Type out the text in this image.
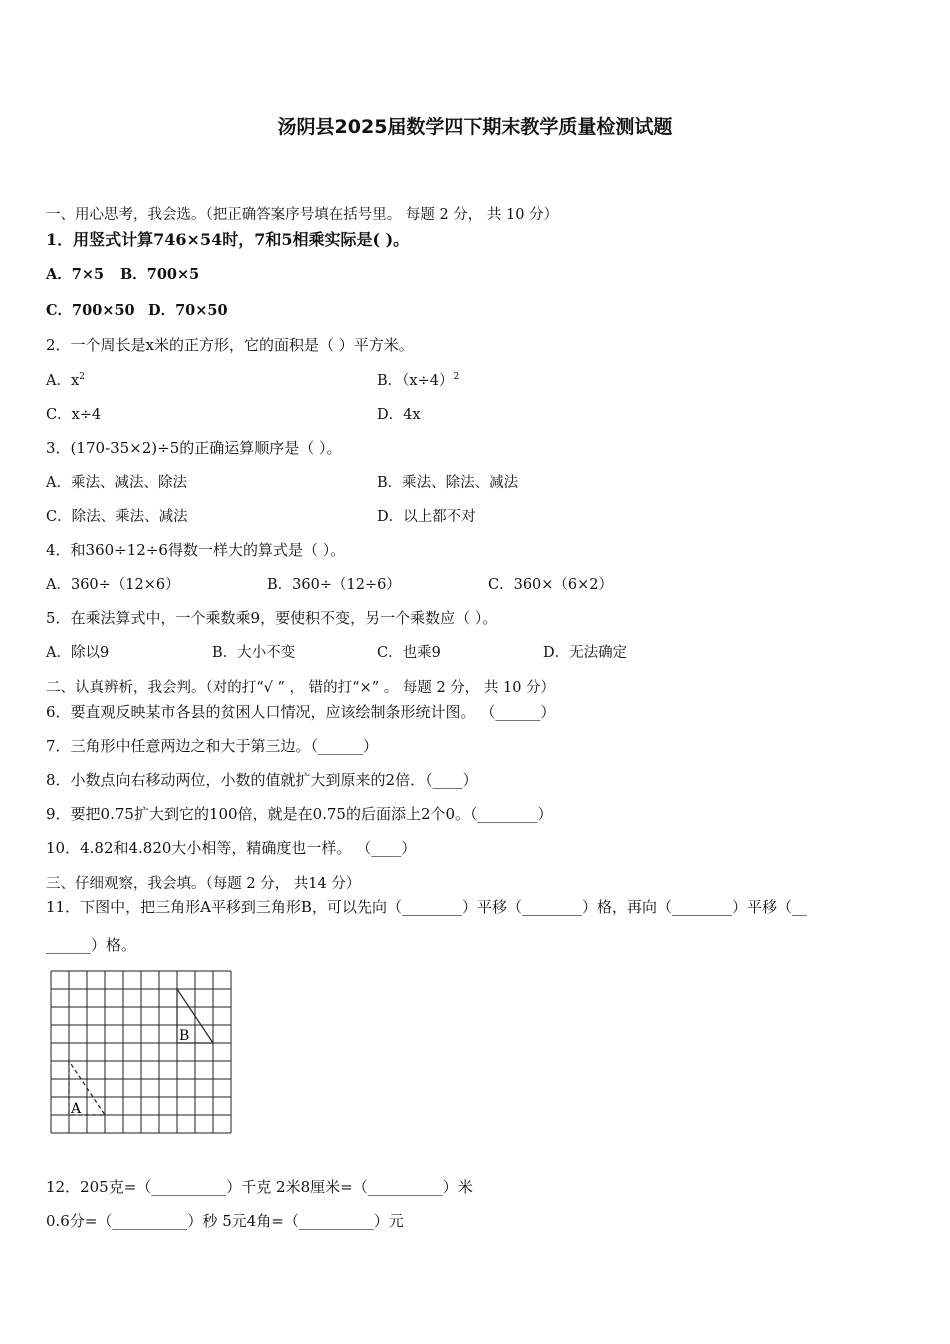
汤阴县2025届数学四下期末教学质量检测试题
一、用心思考，我会选。（把正确答案序号填在括号里。 每题 2 分， 共 10 分）
1．用竖式计算746×54时，7和5相乘实际是( )。
A．7×5 B．700×5
C．700×50 D．70×50
2．一个周长是x米的正方形，它的面积是（ ）平方米。
A．$x^2$	B．$(x\div 4)^2$
C．x÷4	D．4x
3．(170-35×2)÷5的正确运算顺序是（ ）。
A．乘法、减法、除法	B．乘法、除法、减法
C．除法、乘法、减法	D．以上都不对
4．和360÷12÷6得数一样大的算式是（ ）。
A．360÷（12×6）	B．360÷（12÷6）	C．360×（6×2）
5．在乘法算式中，一个乘数乘9，要使积不变，另一个乘数应（ ）。
A．除以9	B．大小不变	C．也乘9	D．无法确定
二、认真辨析，我会判。（对的打“√ ” ， 错的打“×” 。 每题 2 分， 共 10 分）
6．要直观反映某市各县的贫困人口情况，应该绘制条形统计图。 （______）
7．三角形中任意两边之和大于第三边。（______）
8．小数点向右移动两位，小数的值就扩大到原来的2倍．（____）
9．要把0.75扩大到它的100倍，就是在0.75的后面添上2个0。（________）
10．4.82和4.820大小相等，精确度也一样。 （____）
三、仔细观察，我会填。（每题 2 分， 共14 分）
11．下图中，把三角形A平移到三角形B，可以先向（________）平移（________）格，再向（________）平移（__
______）格。
A
B
12．205克=（__________）千克 2米8厘米=（__________）米
0.6分=（__________）秒 5元4角=（__________）元
